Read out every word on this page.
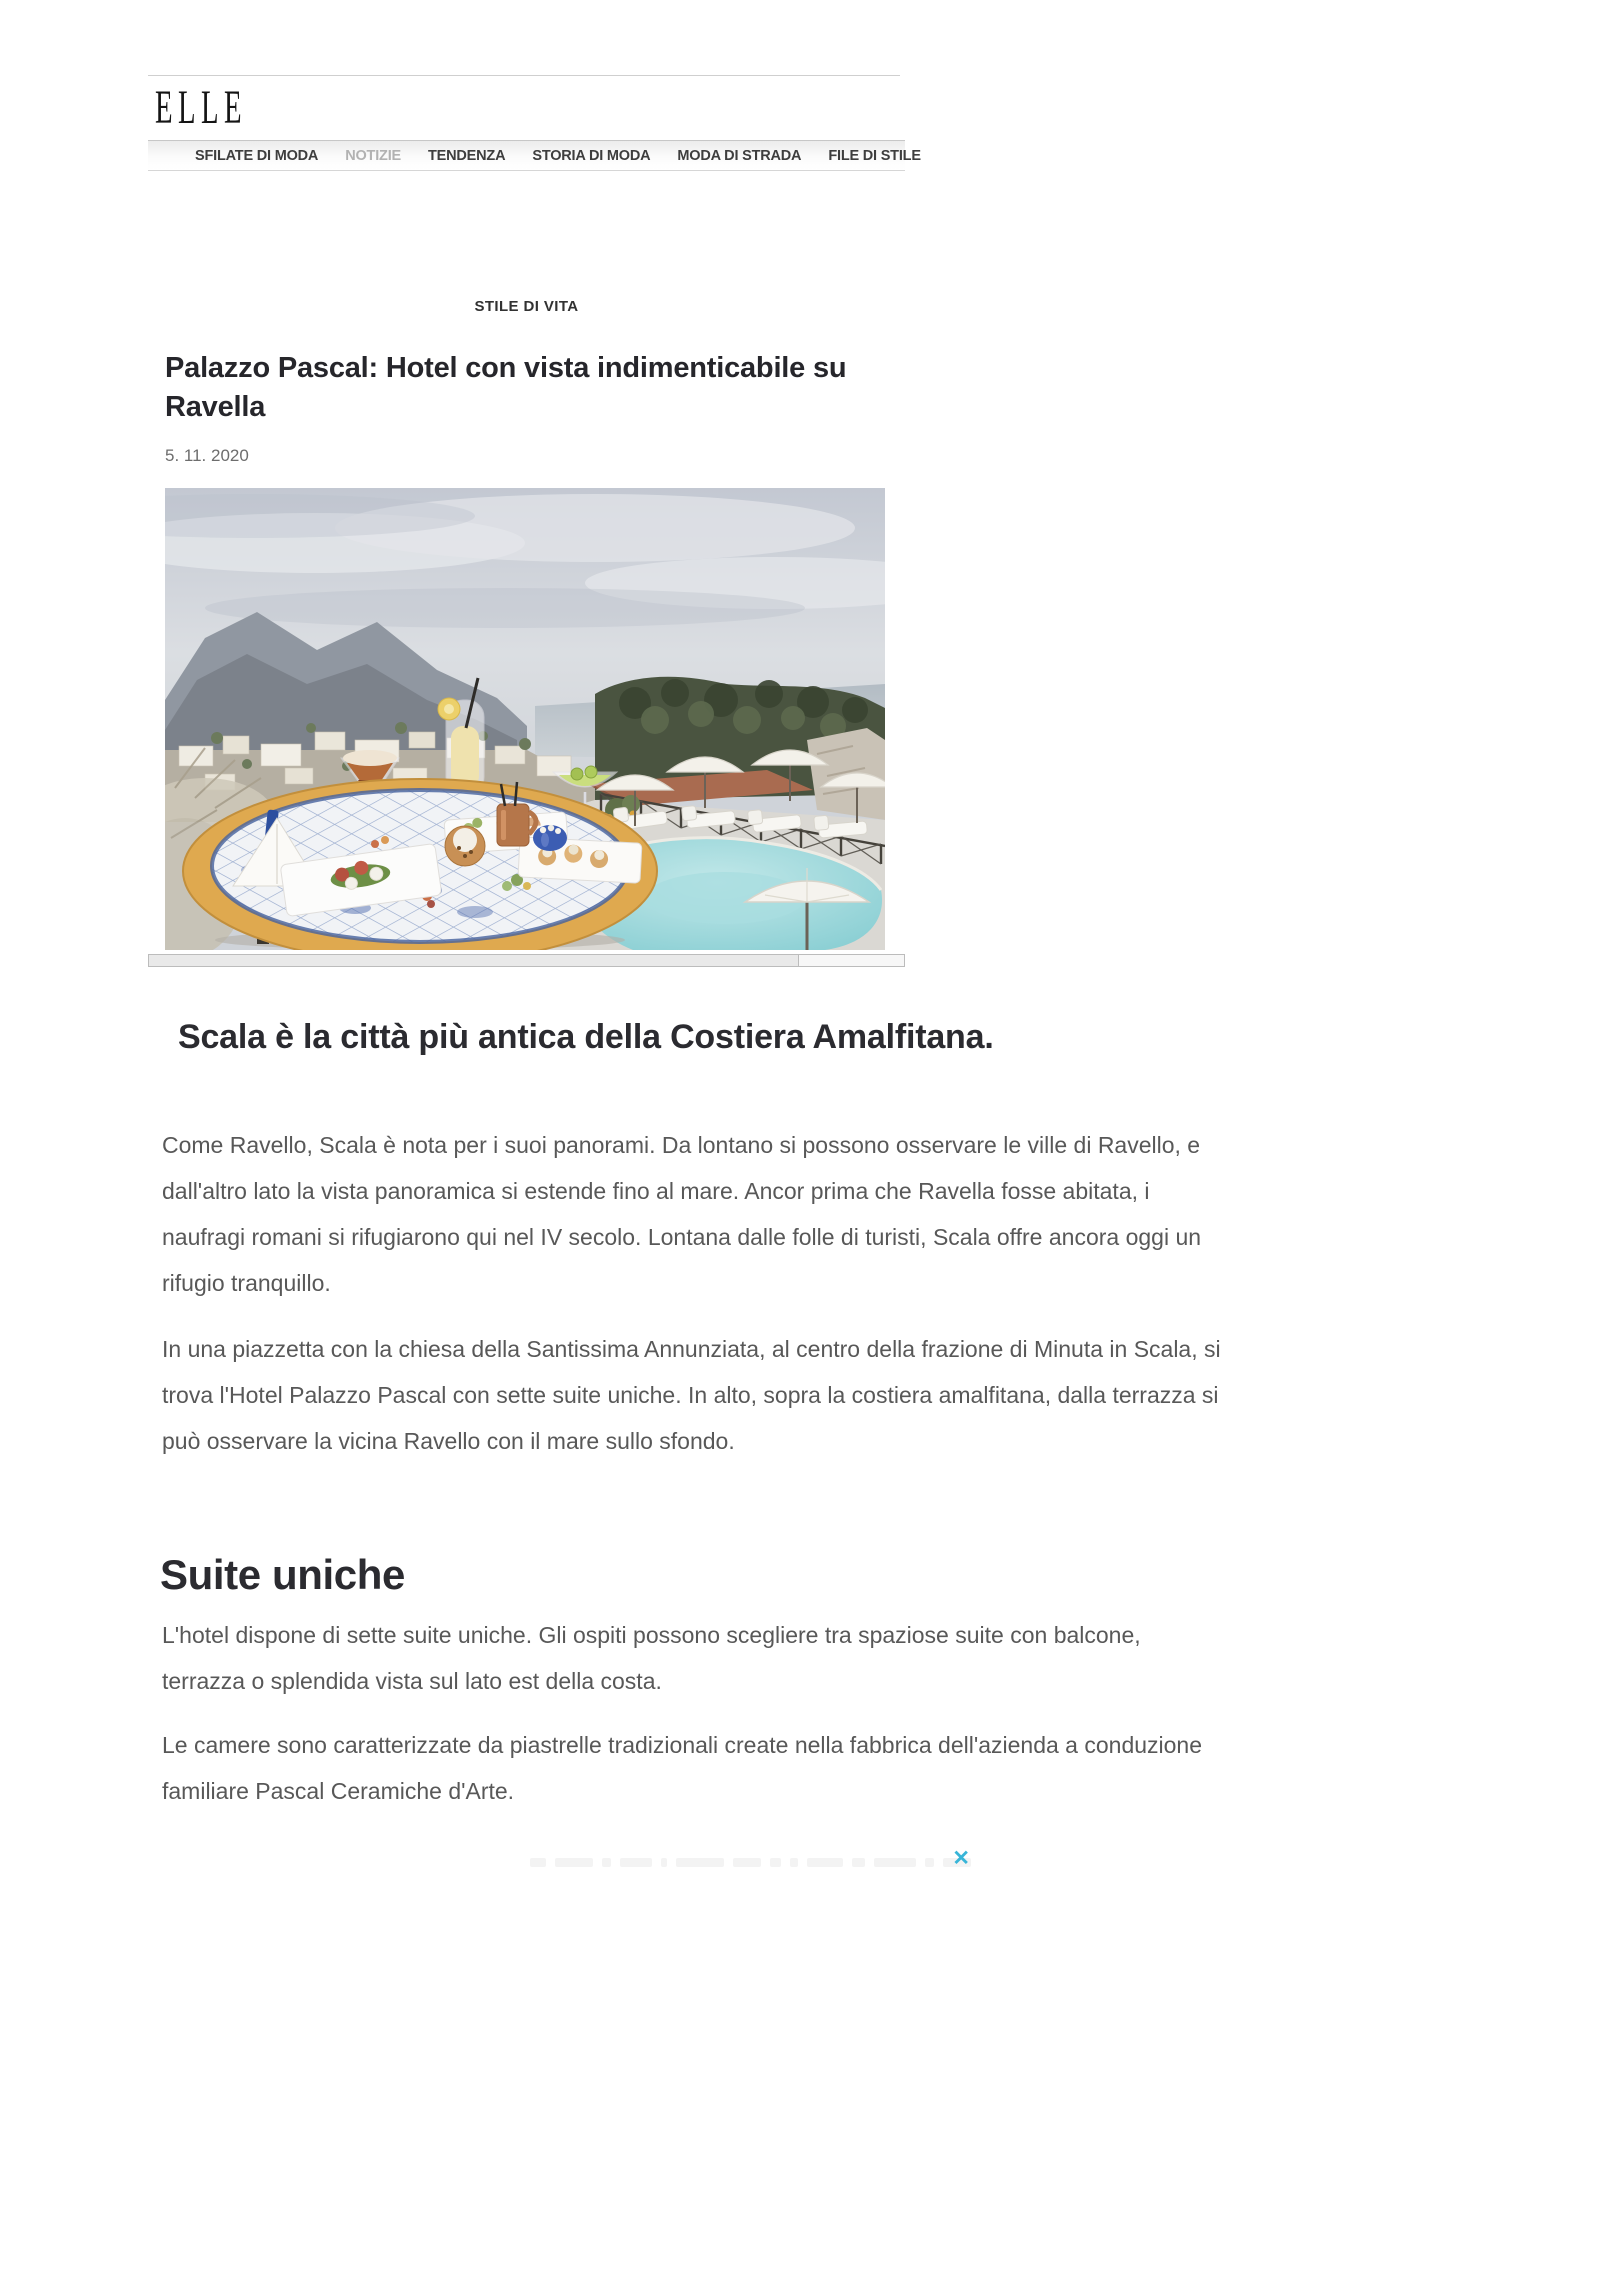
ELLE
SFILATE DI MODA NOTIZIE TENDENZA STORIA DI MODA MODA DI STRADA FILE DI STILE
STILE DI VITA
Palazzo Pascal: Hotel con vista indimenticabile su
Ravella
5. 11. 2020
Scala è la città più antica della Costiera Amalfitana.
Come Ravello, Scala è nota per i suoi panorami. Da lontano si possono osservare le ville di Ravello, e
dall'altro lato la vista panoramica si estende fino al mare. Ancor prima che Ravella fosse abitata, i
naufragi romani si rifugiarono qui nel IV secolo. Lontana dalle folle di turisti, Scala offre ancora oggi un
rifugio tranquillo.
In una piazzetta con la chiesa della Santissima Annunziata, al centro della frazione di Minuta in Scala, si
trova l'Hotel Palazzo Pascal con sette suite uniche. In alto, sopra la costiera amalfitana, dalla terrazza si
può osservare la vicina Ravello con il mare sullo sfondo.
Suite uniche
L'hotel dispone di sette suite uniche. Gli ospiti possono scegliere tra spaziose suite con balcone,
terrazza o splendida vista sul lato est della costa.
Le camere sono caratterizzate da piastrelle tradizionali create nella fabbrica dell'azienda a conduzione
familiare Pascal Ceramiche d'Arte.
✕
